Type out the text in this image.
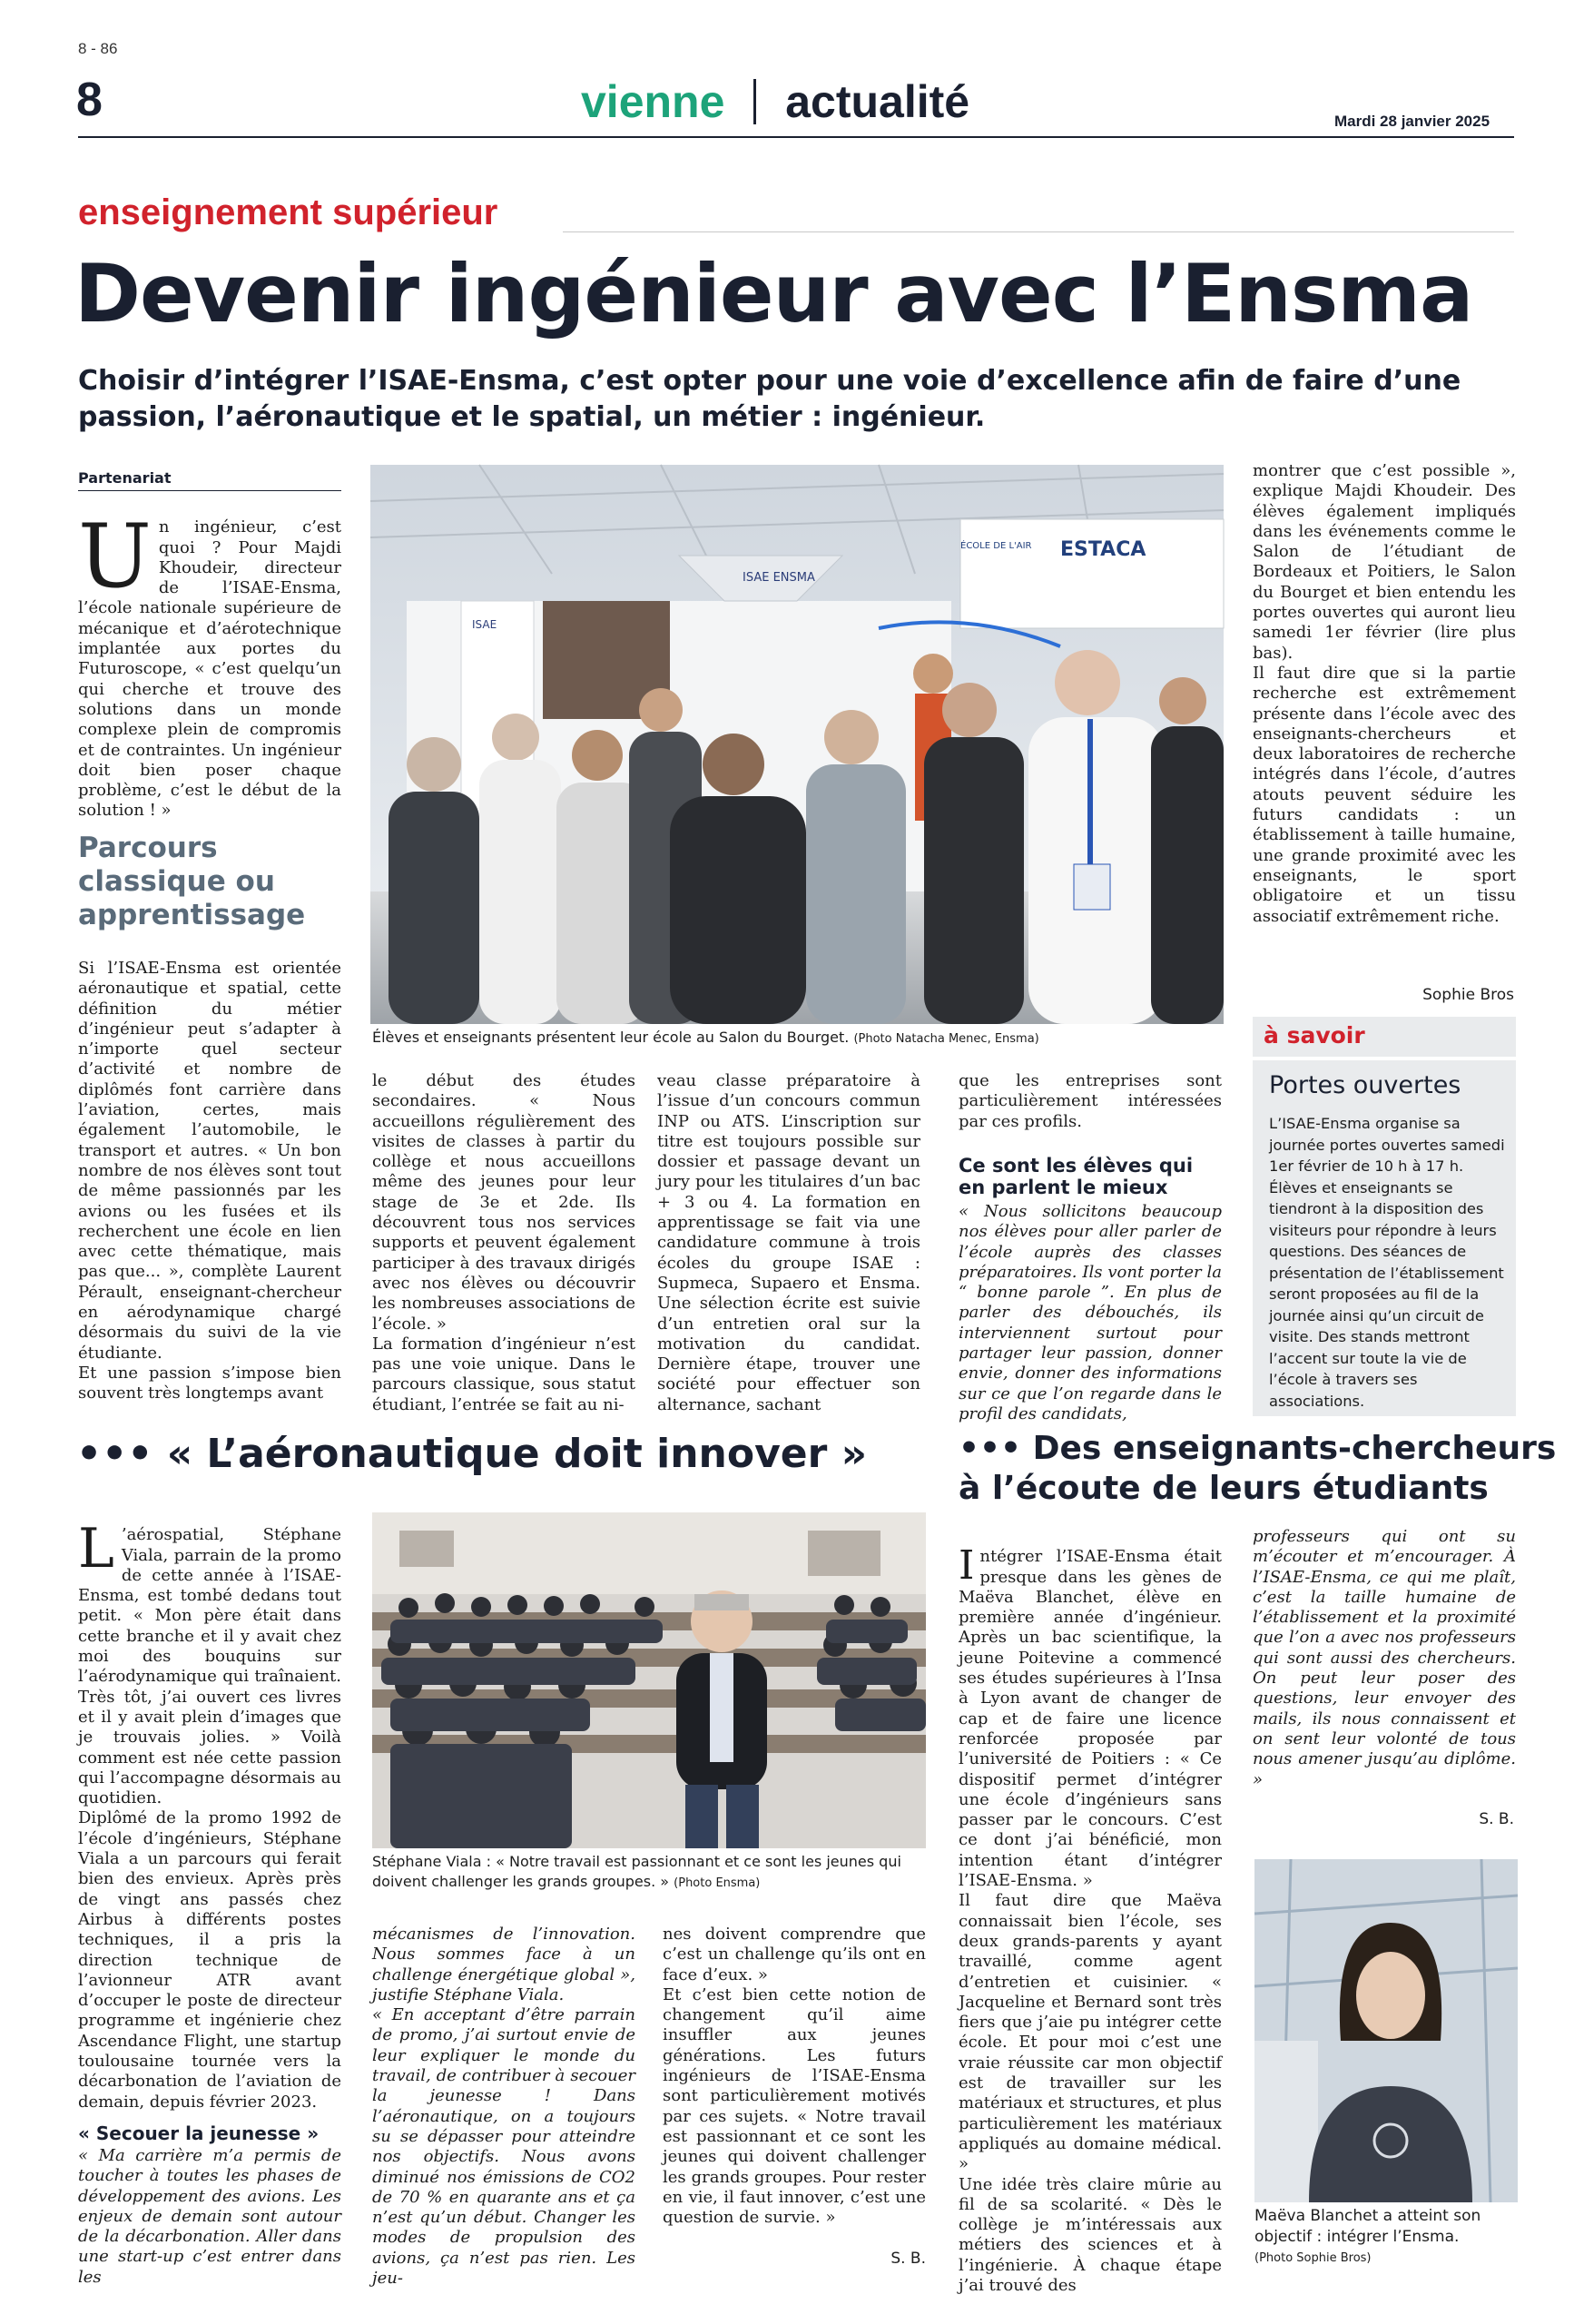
8 - 86
8	vienne actualité	Mardi 28 janvier 2025
enseignement supérieur
Devenir ingénieur avec l’Ensma
Choisir d’intégrer l’ISAE-Ensma, c’est opter pour une voie d’excellence afin de faire d’une passion, l’aéronautique et le spatial, un métier : ingénieur.
Partenariat

Un ingénieur, c’est quoi ? Pour Majdi Khoudeir, directeur de l’ISAE-Ensma, l’école nationale supérieure de mécanique et d’aérotechnique implantée aux portes du Futuroscope, « c’est quelqu’un qui cherche et trouve des solutions dans un monde complexe plein de compromis et de contraintes. Un ingénieur doit bien poser chaque problème, c’est le début de la solution ! »

Parcours classique ou apprentissage
Si l’ISAE-Ensma est orientée aéronautique et spatial, cette définition du métier d’ingénieur peut s’adapter à n’importe quel secteur d’activité et nombre de diplômés font carrière dans l’aviation, certes, mais également l’automobile, le transport et autres. « Un bon nombre de nos élèves sont tout de même passionnés par les avions ou les fusées et ils recherchent une école en lien avec cette thématique, mais pas que... », complète Laurent Pérault, enseignant-chercheur en aérodynamique chargé désormais du suivi de la vie étudiante.
Et une passion s’impose bien souvent très longtemps avant
ISAE ENSMA
ISAE
ESTACA
ÉCOLE DE L'AIR
Élèves et enseignants présentent leur école au Salon du Bourget. (Photo Natacha Menec, Ensma)
le début des études secondaires. « Nous accueillons régulièrement des visites de classes à partir du collège et nous accueillons même des jeunes pour leur stage de 3e et 2de. Ils découvrent tous nos services supports et peuvent également participer à des travaux dirigés avec nos élèves ou découvrir les nombreuses associations de l’école. »
La formation d’ingénieur n’est pas une voie unique. Dans le parcours classique, sous statut étudiant, l’entrée se fait au ni-
veau classe préparatoire à l’issue d’un concours commun INP ou ATS. L’inscription sur titre est toujours possible sur dossier et passage devant un jury pour les titulaires d’un bac + 3 ou 4. La formation en apprentissage se fait via une candidature commune à trois écoles du groupe ISAE : Supmeca, Supaero et Ensma. Une sélection écrite est suivie d’un entretien oral sur la motivation du candidat. Dernière étape, trouver une société pour effectuer son alternance, sachant
que les entreprises sont particulièrement intéressées par ces profils.
Ce sont les élèves qui en parlent le mieux
« Nous sollicitons beaucoup nos élèves pour aller parler de l’école auprès des classes préparatoires. Ils vont porter la “ bonne parole ”. En plus de parler des débouchés, ils interviennent surtout pour partager leur passion, donner envie, donner des informations sur ce que l’on regarde dans le profil des candidats,
montrer que c’est possible », explique Majdi Khoudeir. Des élèves également impliqués dans les événements comme le Salon de l’étudiant de Bordeaux et Poitiers, le Salon du Bourget et bien entendu les portes ouvertes qui auront lieu samedi 1er février (lire plus bas).
Il faut dire que si la partie recherche est extrêmement présente dans l’école avec des enseignants-chercheurs et deux laboratoires de recherche intégrés dans l’école, d’autres atouts peuvent séduire les futurs candidats : un établissement à taille humaine, une grande proximité avec les enseignants, le sport obligatoire et un tissu associatif extrêmement riche.
Sophie Bros
à savoir
Portes ouvertes
L’ISAE-Ensma organise sa journée portes ouvertes samedi 1er février de 10 h à 17 h. Élèves et enseignants se tiendront à la disposition des visiteurs pour répondre à leurs questions. Des séances de présentation de l’établissement seront proposées au fil de la journée ainsi qu’un circuit de visite. Des stands mettront l’accent sur toute la vie de l’école à travers ses associations.
••• « L’aéronautique doit innover »

L ’aérospatial, Stéphane Viala, parrain de la promo de cette année à l’ISAE-Ensma, est tombé dedans tout petit. « Mon père était dans cette branche et il y avait chez moi des bouquins sur l’aérodynamique qui traînaient. Très tôt, j’ai ouvert ces livres et il y avait plein d’images que je trouvais jolies. » Voilà comment est née cette passion qui l’accompagne désormais au quotidien.
Diplômé de la promo 1992 de l’école d’ingénieurs, Stéphane Viala a un parcours qui ferait bien des envieux. Après près de vingt ans passés chez Airbus à différents postes techniques, il a pris la direction technique de l’avionneur ATR avant d’occuper le poste de directeur programme et ingénierie chez Ascendance Flight, une startup toulousaine tournée vers la décarbonation de l’aviation de demain, depuis février 2023.

« Secouer la jeunesse »
« Ma carrière m’a permis de toucher à toutes les phases de développement des avions. Les enjeux de demain sont autour de la décarbonation. Aller dans une start-up c’est entrer dans les
Stéphane Viala : « Notre travail est passionnant et ce sont les jeunes qui doivent challenger les grands groupes. » (Photo Ensma)
mécanismes de l’innovation. Nous sommes face à un challenge énergétique global », justifie Stéphane Viala.
« En acceptant d’être parrain de promo, j’ai surtout envie de leur expliquer le monde du travail, de contribuer à secouer la jeunesse ! Dans l’aéronautique, on a toujours su se dépasser pour atteindre nos objectifs. Nous avons diminué nos émissions de CO2 de 70 % en quarante ans et ça n’est qu’un début. Changer les modes de propulsion des avions, ça n’est pas rien. Les jeu-
nes doivent comprendre que c’est un challenge qu’ils ont en face d’eux. »
Et c’est bien cette notion de changement qu’il aime insuffler aux jeunes générations. Les futurs ingénieurs de l’ISAE-Ensma sont particulièrement motivés par ces sujets. « Notre travail est passionnant et ce sont les jeunes qui doivent challenger les grands groupes. Pour rester en vie, il faut innover, c’est une question de survie. »
S. B.
••• Des enseignants-chercheurs
à l’écoute de leurs étudiants

Intégrer l’ISAE-Ensma était presque dans les gènes de Maëva Blanchet, élève en première année d’ingénieur. Après un bac scientifique, la jeune Poitevine a commencé ses études supérieures à l’Insa à Lyon avant de changer de cap et de faire une licence renforcée proposée par l’université de Poitiers : « Ce dispositif permet d’intégrer une école d’ingénieurs sans passer par le concours. C’est ce dont j’ai bénéficié, mon intention étant d’intégrer l’ISAE-Ensma. »
Il faut dire que Maëva connaissait bien l’école, ses deux grands-parents y ayant travaillé, comme agent d’entretien et cuisinier. « Jacqueline et Bernard sont très fiers que j’aie pu intégrer cette école. Et pour moi c’est une vraie réussite car mon objectif est de travailler sur les matériaux et structures, et plus particulièrement les matériaux appliqués au domaine médical. »
Une idée très claire mûrie au fil de sa scolarité. « Dès le collège je m’intéressais aux métiers des sciences et à l’ingénierie. À chaque étape j’ai trouvé des

professeurs qui ont su m’écouter et m’encourager. À l’ISAE-Ensma, ce qui me plaît, c’est la taille humaine de l’établissement et la proximité que l’on a avec nos professeurs qui sont aussi des chercheurs. On peut leur poser des questions, leur envoyer des mails, ils nous connaissent et on sent leur volonté de tous nous amener jusqu’au diplôme. »
S. B.
Maëva Blanchet a atteint son objectif : intégrer l’Ensma.
(Photo Sophie Bros)
